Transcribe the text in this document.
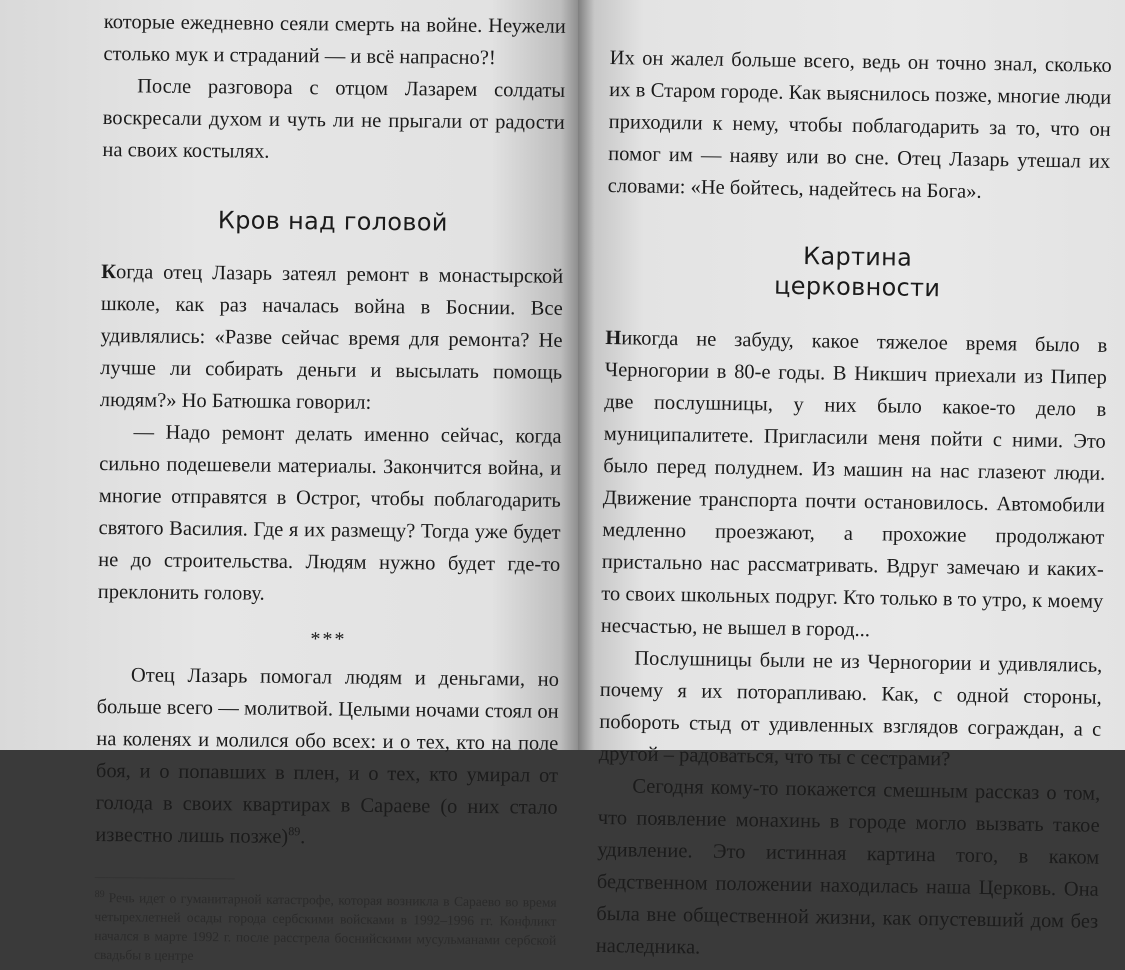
которые ежедневно сеяли смерть на войне. Неужели столько мук и страданий — и всё напрасно?!

После разговора с отцом Лазарем солдаты воскресали духом и чуть ли не прыгали от радости на своих костылях.

Кров над головой

Когда отец Лазарь затеял ремонт в монастырской школе, как раз началась война в Боснии. Все удивлялись: «Разве сейчас время для ремонта? Не лучше ли собирать деньги и высылать помощь людям?» Но Батюшка говорил:

— Надо ремонт делать именно сейчас, когда сильно подешевели материалы. Закончится война, и многие отправятся в Острог, чтобы поблагодарить святого Василия. Где я их размещу? Тогда уже будет не до строительства. Людям нужно будет где-то преклонить голову.

***

Отец Лазарь помогал людям и деньгами, но больше всего — молитвой. Целыми ночами стоял он на коленях и молился обо всех: и о тех, кто на поле боя, и о попавших в плен, и о тех, кто умирал от голода в своих квартирах в Сараеве (о них стало известно лишь позже)$^{89}$.

$^{89}$ Речь идет о гуманитарной катастрофе, которая возникла в Сараево во время четырехлетней осады города сербскими войсками в 1992–1996 гг. Конфликт начался в марте 1992 г. после расстрела боснийскими мусульманами сербской свадьбы в центре

Их он жалел больше всего, ведь он точно знал, сколько их в Старом городе. Как выяснилось позже, многие люди приходили к нему, чтобы поблагодарить за то, что он помог им — наяву или во сне. Отец Лазарь утешал их словами: «Не бойтесь, надейтесь на Бога».

Картина
церковности

Никогда не забуду, какое тяжелое время было в Черногории в 80-е годы. В Никшич приехали из Пипер две послушницы, у них было какое-то дело в муниципалитете. Пригласили меня пойти с ними. Это было перед полуднем. Из машин на нас глазеют люди. Движение транспорта почти остановилось. Автомобили медленно проезжают, а прохожие продолжают пристально нас рассматривать. Вдруг замечаю и каких-то своих школьных подруг. Кто только в то утро, к моему несчастью, не вышел в город...

Послушницы были не из Черногории и удивлялись, почему я их поторапливаю. Как, с одной стороны, побороть стыд от удивленных взглядов сограждан, а с другой – радоваться, что ты с сестрами?

Сегодня кому-то покажется смешным рассказ о том, что появление монахинь в городе могло вызвать такое удивление. Это истинная картина того, в каком бедственном положении находилась наша Церковь. Она была вне общественной жизни, как опустевший дом без наследника.
